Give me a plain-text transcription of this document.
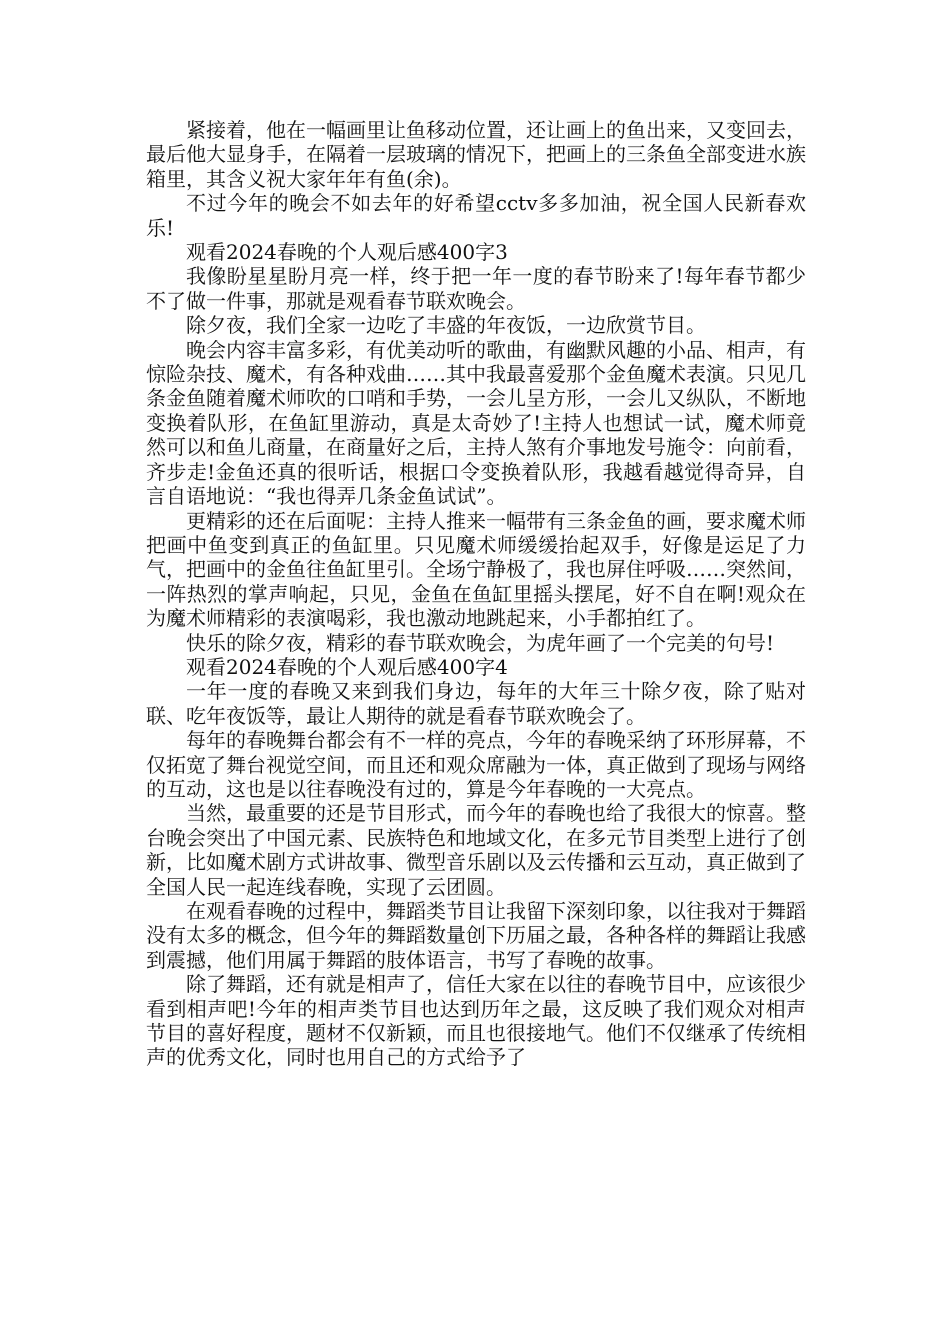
紧接着，他在一幅画里让鱼移动位置，还让画上的鱼出来，又变回去，最后他大显身手，在隔着一层玻璃的情况下，把画上的三条鱼全部变进水族箱里，其含义祝大家年年有鱼(余)。

不过今年的晚会不如去年的好希望cctv多多加油，祝全国人民新春欢乐!

观看2024春晚的个人观后感400字3

我像盼星星盼月亮一样，终于把一年一度的春节盼来了!每年春节都少不了做一件事，那就是观看春节联欢晚会。

除夕夜，我们全家一边吃了丰盛的年夜饭，一边欣赏节目。

晚会内容丰富多彩，有优美动听的歌曲，有幽默风趣的小品、相声，有惊险杂技、魔术，有各种戏曲……其中我最喜爱那个金鱼魔术表演。只见几条金鱼随着魔术师吹的口哨和手势，一会儿呈方形，一会儿又纵队，不断地变换着队形，在鱼缸里游动，真是太奇妙了!主持人也想试一试，魔术师竟然可以和鱼儿商量，在商量好之后，主持人煞有介事地发号施令：向前看，齐步走!金鱼还真的很听话，根据口令变换着队形，我越看越觉得奇异，自言自语地说：“我也得弄几条金鱼试试”。

更精彩的还在后面呢：主持人推来一幅带有三条金鱼的画，要求魔术师把画中鱼变到真正的鱼缸里。只见魔术师缓缓抬起双手，好像是运足了力气，把画中的金鱼往鱼缸里引。全场宁静极了，我也屏住呼吸……突然间，一阵热烈的掌声响起，只见，金鱼在鱼缸里摇头摆尾，好不自在啊!观众在为魔术师精彩的表演喝彩，我也激动地跳起来，小手都拍红了。

快乐的除夕夜，精彩的春节联欢晚会，为虎年画了一个完美的句号!

观看2024春晚的个人观后感400字4

一年一度的春晚又来到我们身边，每年的大年三十除夕夜，除了贴对联、吃年夜饭等，最让人期待的就是看春节联欢晚会了。

每年的春晚舞台都会有不一样的亮点，今年的春晚采纳了环形屏幕，不仅拓宽了舞台视觉空间，而且还和观众席融为一体，真正做到了现场与网络的互动，这也是以往春晚没有过的，算是今年春晚的一大亮点。

当然，最重要的还是节目形式，而今年的春晚也给了我很大的惊喜。整台晚会突出了中国元素、民族特色和地域文化，在多元节目类型上进行了创新，比如魔术剧方式讲故事、微型音乐剧以及云传播和云互动，真正做到了全国人民一起连线春晚，实现了云团圆。

在观看春晚的过程中，舞蹈类节目让我留下深刻印象，以往我对于舞蹈没有太多的概念，但今年的舞蹈数量创下历届之最，各种各样的舞蹈让我感到震撼，他们用属于舞蹈的肢体语言，书写了春晚的故事。

除了舞蹈，还有就是相声了，信任大家在以往的春晚节目中，应该很少看到相声吧!今年的相声类节目也达到历年之最，这反映了我们观众对相声节目的喜好程度，题材不仅新颖，而且也很接地气。他们不仅继承了传统相声的优秀文化，同时也用自己的方式给予了
